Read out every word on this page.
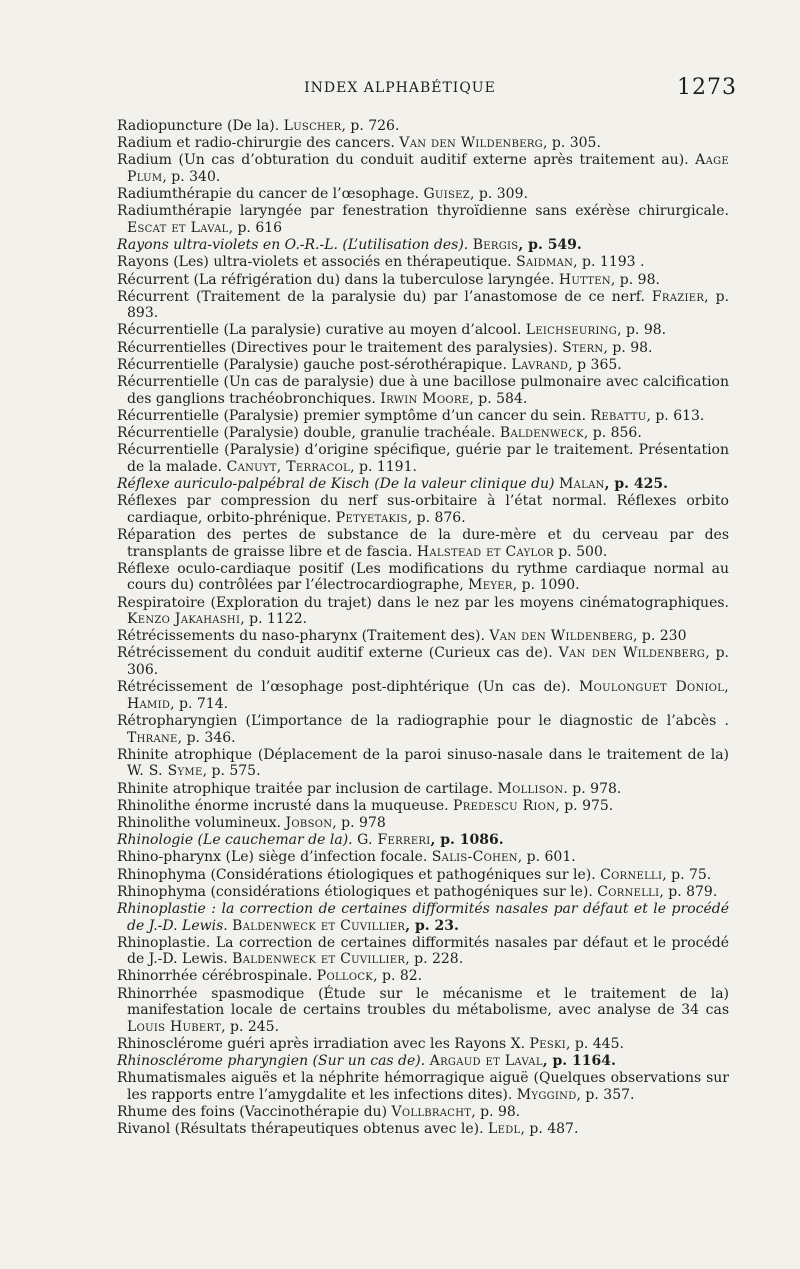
INDEX ALPHABÉTIQUE	1273

Radiopuncture (De la). Luscher, p. 726.

Radium et radio-chirurgie des cancers. Van den Wildenberg, p. 305.

Radium (Un cas d’obturation du conduit auditif externe après traitement au). Aage Plum, p. 340.

Radiumthérapie du cancer de l’œsophage. Guisez, p. 309.

Radiumthérapie laryngée par fenestration thyroïdienne sans exérèse chirurgicale. Escat et Laval, p. 616

Rayons ultra-violets en O.-R.-L. (L’utilisation des). Bergis, p. 549.

Rayons (Les) ultra-violets et associés en thérapeutique. Saidman, p. 1193 .

Récurrent (La réfrigération du) dans la tuberculose laryngée. Hutten, p. 98.

Récurrent (Traitement de la paralysie du) par l’anastomose de ce nerf. Frazier, p. 893.

Récurrentielle (La paralysie) curative au moyen d’alcool. Leichseuring, p. 98.

Récurrentielles (Directives pour le traitement des paralysies). Stern, p. 98.

Récurrentielle (Paralysie) gauche post-sérothérapique. Lavrand, p 365.

Récurrentielle (Un cas de paralysie) due à une bacillose pulmonaire avec calcification des ganglions trachéobronchiques. Irwin Moore, p. 584.

Récurrentielle (Paralysie) premier symptôme d’un cancer du sein. Rebattu, p. 613.

Récurrentielle (Paralysie) double, granulie trachéale. Baldenweck, p. 856.

Récurrentielle (Paralysie) d’origine spécifique, guérie par le traitement. Présentation de la malade. Canuyt, Terracol, p. 1191.

Réflexe auriculo-palpébral de Kisch (De la valeur clinique du) Malan, p. 425.

Réflexes par compression du nerf sus-orbitaire à l’état normal. Réflexes orbito cardiaque, orbito-phrénique. Petyetakis, p. 876.

Réparation des pertes de substance de la dure-mère et du cerveau par des transplants de graisse libre et de fascia. Halstead et Caylor p. 500.

Réflexe oculo-cardiaque positif (Les modifications du rythme cardiaque normal au cours du) contrôlées par l’électrocardiographe, Meyer, p. 1090.

Respiratoire (Exploration du trajet) dans le nez par les moyens cinématographiques. Kenzo Jakahashi, p. 1122.

Rétrécissements du naso-pharynx (Traitement des). Van den Wildenberg, p. 230

Rétrécissement du conduit auditif externe (Curieux cas de). Van den Wildenberg, p. 306.

Rétrécissement de l’œsophage post-diphtérique (Un cas de). Moulonguet Doniol, Hamid, p. 714.

Rétropharyngien (L’importance de la radiographie pour le diagnostic de l’abcès . Thrane, p. 346.

Rhinite atrophique (Déplacement de la paroi sinuso-nasale dans le traitement de la) W. S. Syme, p. 575.

Rhinite atrophique traitée par inclusion de cartilage. Mollison. p. 978.

Rhinolithe énorme incrusté dans la muqueuse. Predescu Rion, p. 975.

Rhinolithe volumineux. Jobson, p. 978

Rhinologie (Le cauchemar de la). G. Ferreri, p. 1086.

Rhino-pharynx (Le) siège d’infection focale. Salis-Cohen, p. 601.

Rhinophyma (Considérations étiologiques et pathogéniques sur le). Cornelli, p. 75.

Rhinophyma (considérations étiologiques et pathogéniques sur le). Cornelli, p. 879.

Rhinoplastie : la correction de certaines difformités nasales par défaut et le procédé de J.-D. Lewis. Baldenweck et Cuvillier, p. 23.

Rhinoplastie. La correction de certaines difformités nasales par défaut et le procédé de J.-D. Lewis. Baldenweck et Cuvillier, p. 228.

Rhinorrhée cérébrospinale. Pollock, p. 82.

Rhinorrhée spasmodique (Étude sur le mécanisme et le traitement de la) manifestation locale de certains troubles du métabolisme, avec analyse de 34 cas Louis Hubert, p. 245.

Rhinosclérome guéri après irradiation avec les Rayons X. Peski, p. 445.

Rhinosclérome pharyngien (Sur un cas de). Argaud et Laval, p. 1164.

Rhumatismales aiguës et la néphrite hémorragique aiguë (Quelques observations sur les rapports entre l’amygdalite et les infections dites). Myggind, p. 357.

Rhume des foins (Vaccinothérapie du) Vollbracht, p. 98.

Rivanol (Résultats thérapeutiques obtenus avec le). Ledl, p. 487.
